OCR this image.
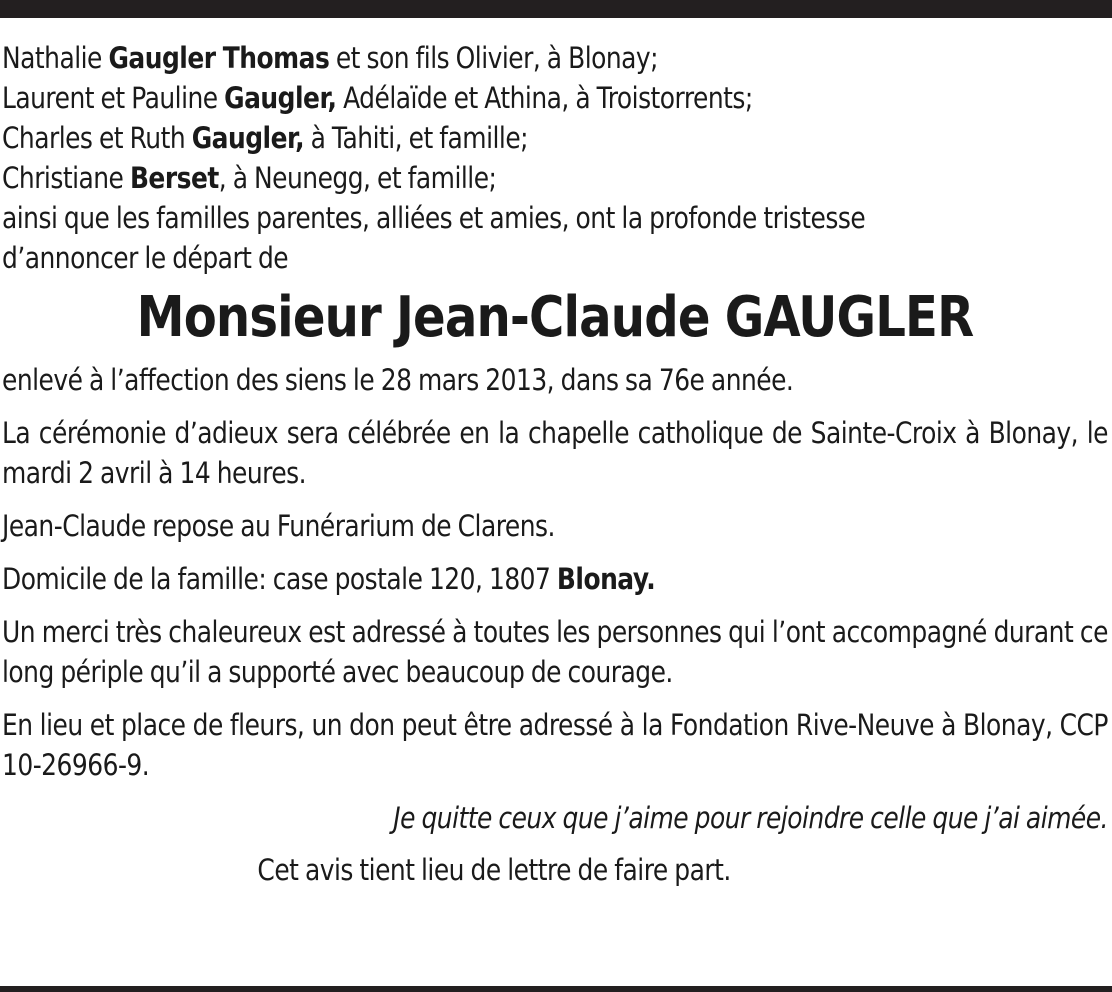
Nathalie Gaugler Thomas et son fils Olivier, à Blonay;
Laurent et Pauline Gaugler, Adélaïde et Athina, à Troistorrents;
Charles et Ruth Gaugler, à Tahiti, et famille;
Christiane Berset, à Neunegg, et famille;
ainsi que les familles parentes, alliées et amies, ont la profonde tristesse
d’annoncer le départ de
Monsieur Jean-Claude GAUGLER

enlevé à l’affection des siens le 28 mars 2013, dans sa 76e année.

La cérémonie d’adieux sera célébrée en la chapelle catholique de Sainte-Croix à Blonay, le mardi 2 avril à 14 heures.

Jean-Claude repose au Funérarium de Clarens.

Domicile de la famille: case postale 120, 1807 Blonay.

Un merci très chaleureux est adressé à toutes les personnes qui l’ont accompagné durant ce long périple qu’il a supporté avec beaucoup de courage.

En lieu et place de fleurs, un don peut être adressé à la Fondation Rive-Neuve à Blonay, CCP 10-26966-9.

Je quitte ceux que j’aime pour rejoindre celle que j’ai aimée.
Cet avis tient lieu de lettre de faire part.
